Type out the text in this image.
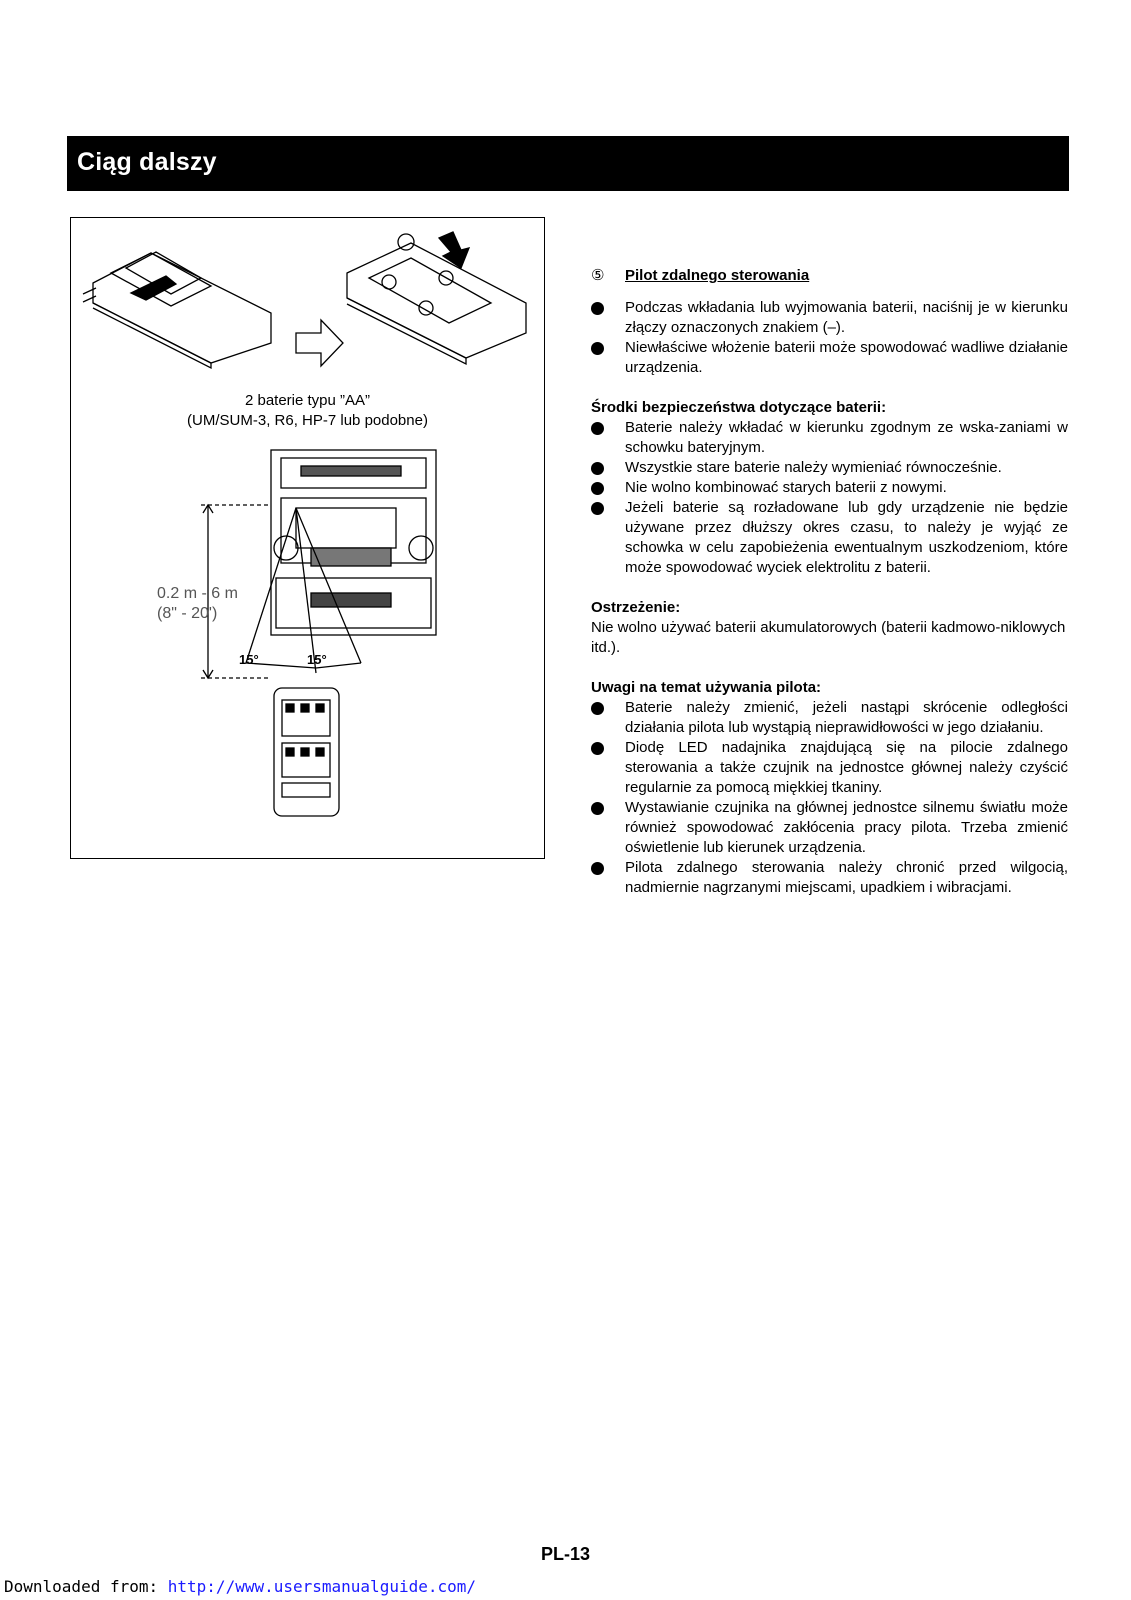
Ciąg dalszy
15°	15°
2 baterie typu ”AA”
(UM/SUM-3, R6, HP-7 lub podobne)
0.2 m - 6 m
(8" - 20')

⑤ Pilot zdalnego sterowania

Podczas wkładania lub wyjmowania baterii, naciśnij je w kierunku złączy oznaczonych znakiem (–).
Niewłaściwe włożenie baterii może spowodować wadliwe działanie urządzenia.

Środki bezpieczeństwa dotyczące baterii:

Baterie należy wkładać w kierunku zgodnym ze wska-zaniami w schowku bateryjnym.
Wszystkie stare baterie należy wymieniać równocześnie.
Nie wolno kombinować starych baterii z nowymi.
Jeżeli baterie są rozładowane lub gdy urządzenie nie będzie używane przez dłuższy okres czasu, to należy je wyjąć ze schowka w celu zapobieżenia ewentualnym uszkodzeniom, które może spowodować wyciek elektrolitu z baterii.

Ostrzeżenie:

Nie wolno używać baterii akumulatorowych (baterii kadmowo-niklowych itd.).

Uwagi na temat używania pilota:

Baterie należy zmienić, jeżeli nastąpi skrócenie odległości działania pilota lub wystąpią nieprawidłowości w jego działaniu.
Diodę LED nadajnika znajdującą się na pilocie zdalnego sterowania a także czujnik na jednostce głównej należy czyścić regularnie za pomocą miękkiej tkaniny.
Wystawianie czujnika na głównej jednostce silnemu światłu może również spowodować zakłócenia pracy pilota. Trzeba zmienić oświetlenie lub kierunek urządzenia.
Pilota zdalnego sterowania należy chronić przed wilgocią, nadmiernie nagrzanymi miejscami, upadkiem i wibracjami.
PL-13
Downloaded from: http://www.usersmanualguide.com/
